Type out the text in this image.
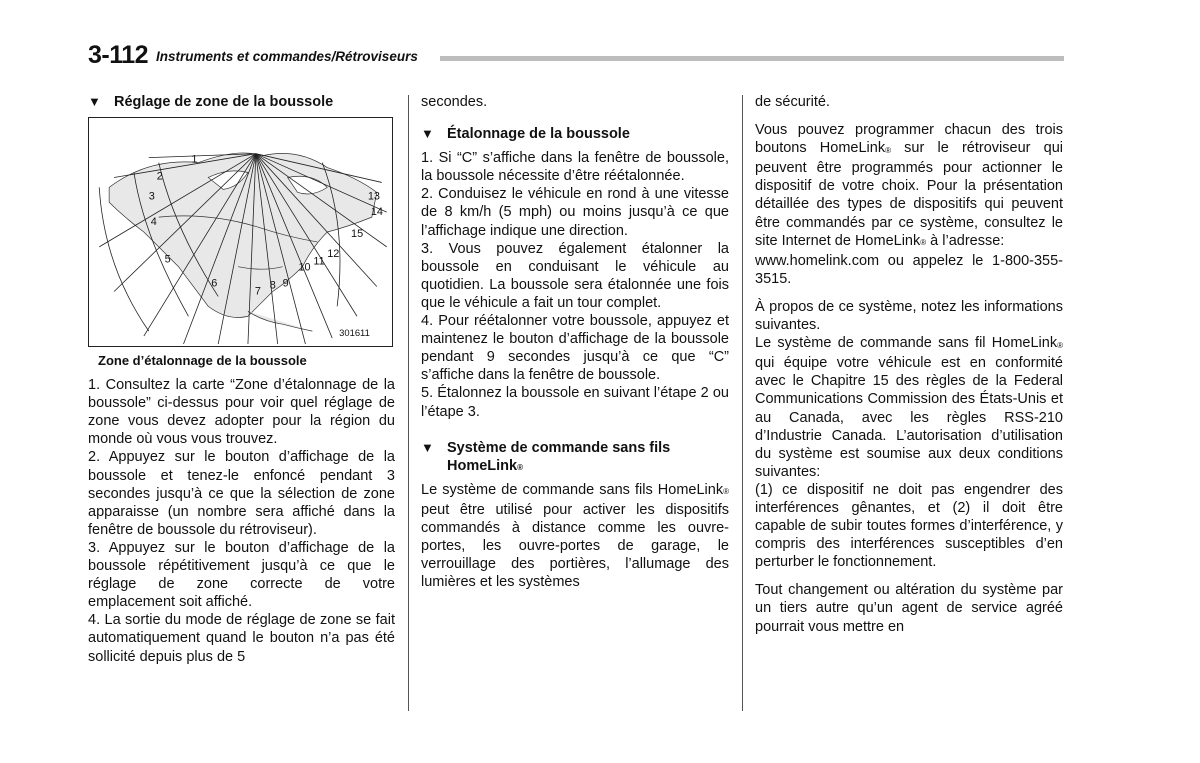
3-112 Instruments et commandes/Rétroviseurs
▼ Réglage de zone de la boussole
1
2
3
4
5
6
7 8 9
10 11
12
13
14
15
301611
Zone d’étalonnage de la boussole

1. Consultez la carte “Zone d’étalonnage de la boussole” ci-dessus pour voir quel réglage de zone vous devez adopter pour la région du monde où vous vous trouvez.

2. Appuyez sur le bouton d’affichage de la boussole et tenez-le enfoncé pendant 3 secondes jusqu’à ce que la sélection de zone apparaisse (un nombre sera affiché dans la fenêtre de boussole du rétroviseur).

3. Appuyez sur le bouton d’affichage de la boussole répétitivement jusqu’à ce que le réglage de zone correcte de votre emplacement soit affiché.

4. La sortie du mode de réglage de zone se fait automatiquement quand le bouton n’a pas été sollicité depuis plus de 5

secondes.

▼ Étalonnage de la boussole

1. Si “C” s’affiche dans la fenêtre de boussole, la boussole nécessite d’être réétalonnée.

2. Conduisez le véhicule en rond à une vitesse de 8 km/h (5 mph) ou moins jusqu’à ce que l’affichage indique une direction.

3. Vous pouvez également étalonner la boussole en conduisant le véhicule au quotidien. La boussole sera étalonnée une fois que le véhicule a fait un tour complet.

4. Pour réétalonner votre boussole, appuyez et maintenez le bouton d’affichage de la boussole pendant 9 secondes jusqu’à ce que “C” s’affiche dans la fenêtre de boussole.

5. Étalonnez la boussole en suivant l’étape 2 ou l’étape 3.

▼ Système de commande sans fils
HomeLink®

Le système de commande sans fils HomeLink® peut être utilisé pour activer les dispositifs commandés à distance comme les ouvre-portes, les ouvre-portes de garage, le verrouillage des portières, l’allumage des lumières et les systèmes

de sécurité.

Vous pouvez programmer chacun des trois boutons HomeLink® sur le rétroviseur qui peuvent être programmés pour actionner le dispositif de votre choix. Pour la présentation détaillée des types de dispositifs qui peuvent être commandés par ce système, consultez le site Internet de HomeLink® à l’adresse:

www.homelink.com ou appelez le 1-800-355-3515.

À propos de ce système, notez les informations suivantes.

Le système de commande sans fil HomeLink® qui équipe votre véhicule est en conformité avec le Chapitre 15 des règles de la Federal Communications Commission des États-Unis et au Canada, avec les règles RSS-210 d’Industrie Canada. L’autorisation d’utilisation du système est soumise aux deux conditions suivantes:

(1) ce dispositif ne doit pas engendrer des interférences gênantes, et (2) il doit être capable de subir toutes formes d’interférence, y compris des interférences susceptibles d’en perturber le fonctionnement.

Tout changement ou altération du système par un tiers autre qu’un agent de service agréé pourrait vous mettre en
